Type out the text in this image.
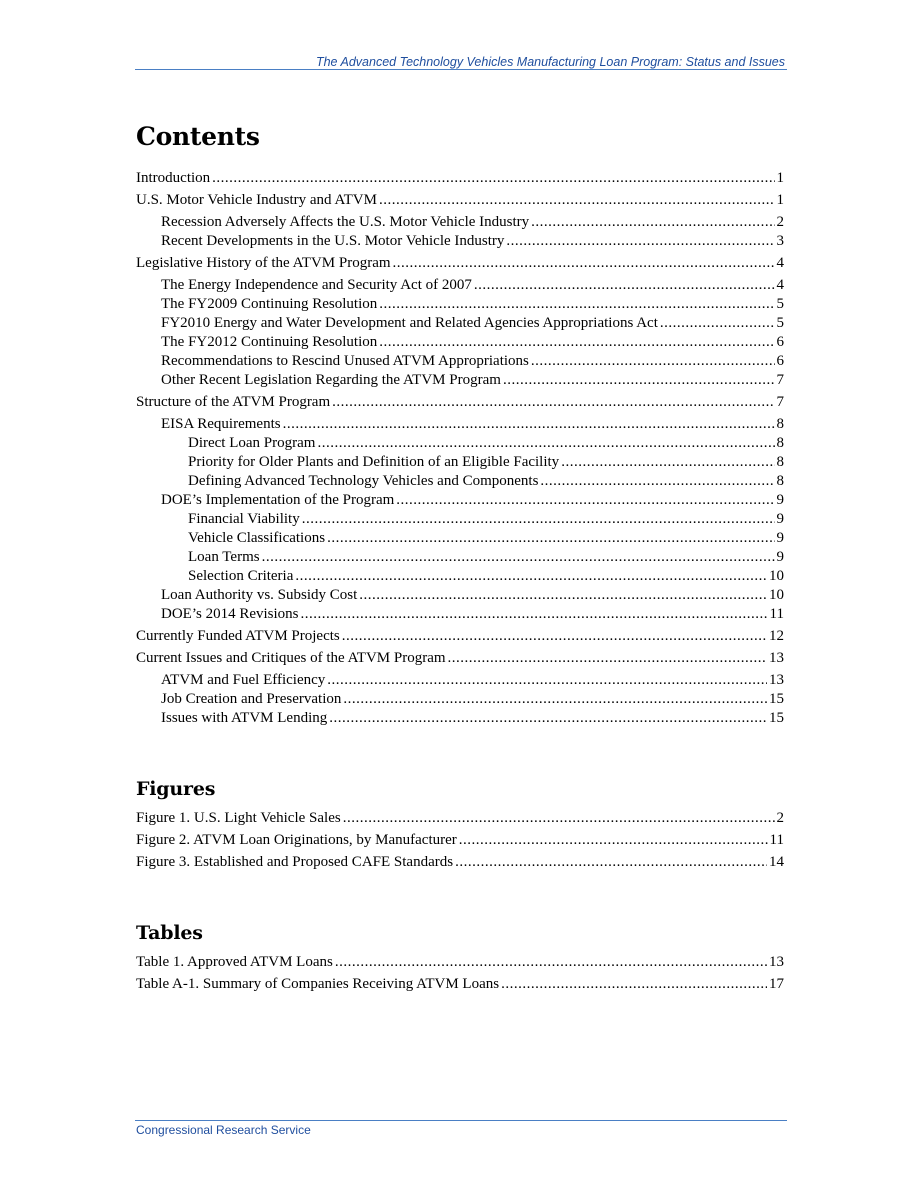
The Advanced Technology Vehicles Manufacturing Loan Program: Status and Issues
Contents
Introduction .....	1
U.S. Motor Vehicle Industry and ATVM .....	1
Recession Adversely Affects the U.S. Motor Vehicle Industry .....	2
Recent Developments in the U.S. Motor Vehicle Industry .....	3
Legislative History of the ATVM Program .....	4
The Energy Independence and Security Act of 2007 .....	4
The FY2009 Continuing Resolution .....	5
FY2010 Energy and Water Development and Related Agencies Appropriations Act .....	5
The FY2012 Continuing Resolution .....	6
Recommendations to Rescind Unused ATVM Appropriations .....	6
Other Recent Legislation Regarding the ATVM Program .....	7
Structure of the ATVM Program .....	7
EISA Requirements .....	8
Direct Loan Program .....	8
Priority for Older Plants and Definition of an Eligible Facility .....	8
Defining Advanced Technology Vehicles and Components .....	8
DOE’s Implementation of the Program .....	9
Financial Viability .....	9
Vehicle Classifications .....	9
Loan Terms .....	9
Selection Criteria .....	10
Loan Authority vs. Subsidy Cost .....	10
DOE’s 2014 Revisions .....	11
Currently Funded ATVM Projects .....	12
Current Issues and Critiques of the ATVM Program .....	13
ATVM and Fuel Efficiency .....	13
Job Creation and Preservation .....	15
Issues with ATVM Lending .....	15
Figures
Figure 1. U.S. Light Vehicle Sales .....	2
Figure 2. ATVM Loan Originations, by Manufacturer .....	11
Figure 3. Established and Proposed CAFE Standards .....	14
Tables
Table 1. Approved ATVM Loans .....	13
Table A-1. Summary of Companies Receiving ATVM Loans .....	17
Congressional Research Service
